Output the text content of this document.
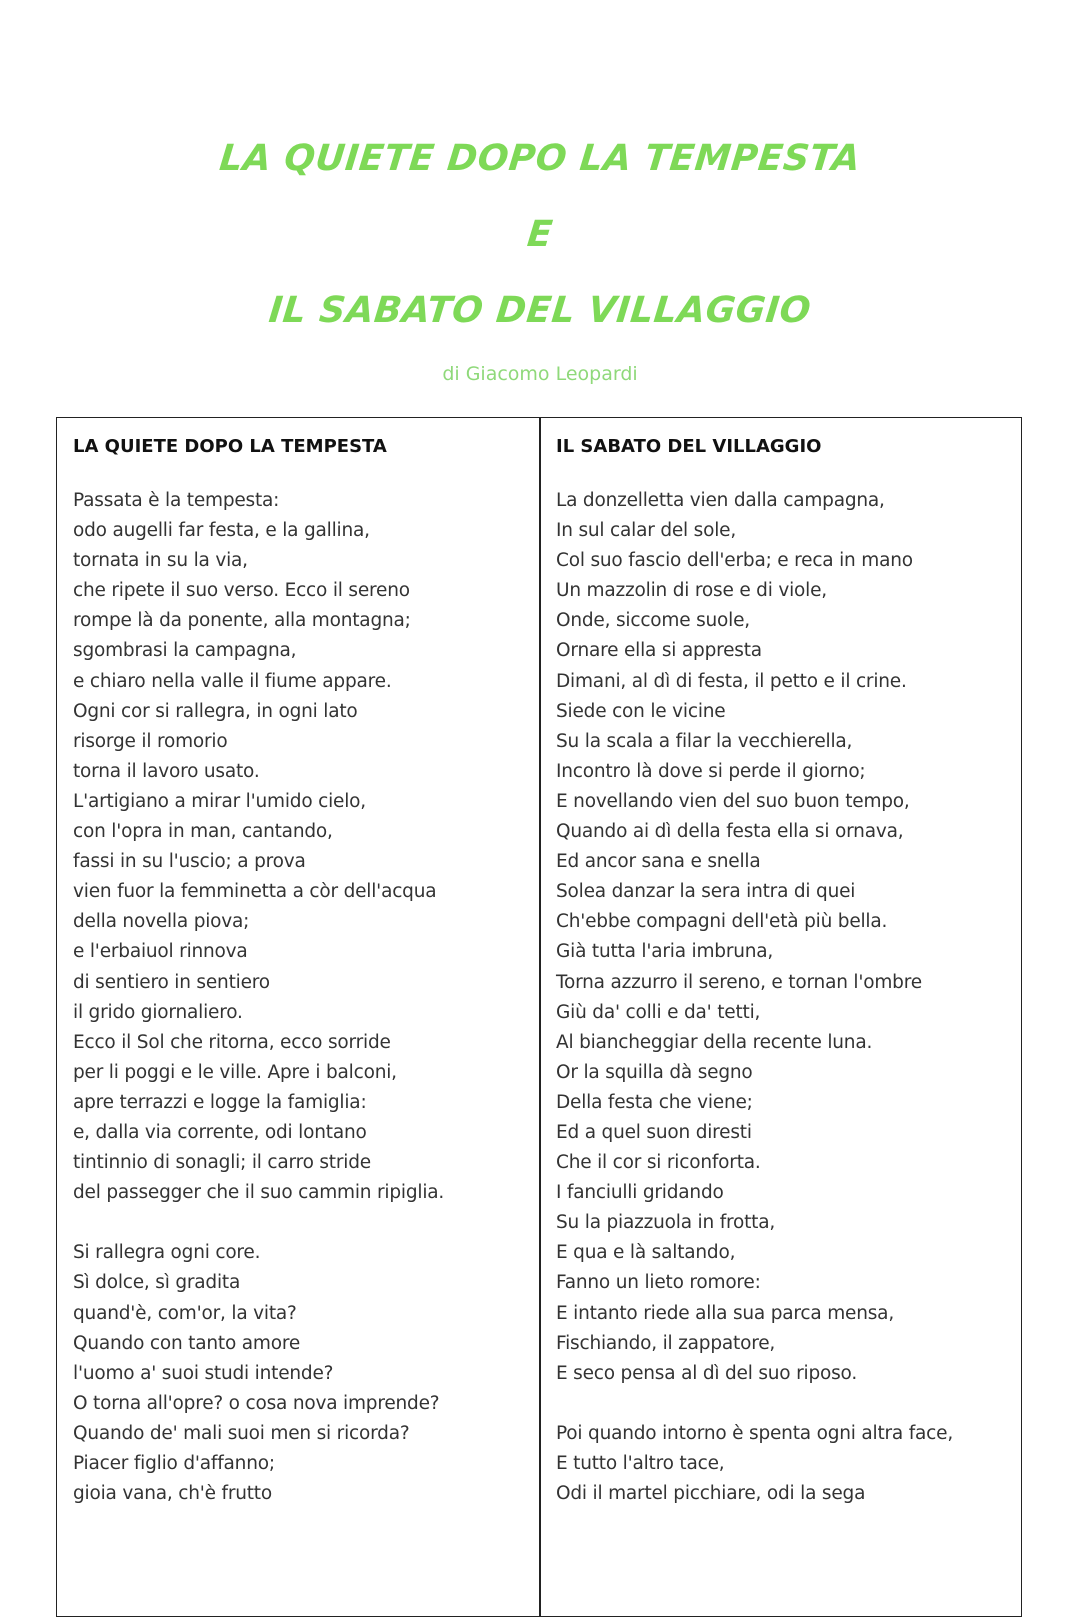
LA QUIETE DOPO LA TEMPESTA
E
IL SABATO DEL VILLAGGIO
di Giacomo Leopardi
LA QUIETE DOPO LA TEMPESTA
Passata è la tempesta:
odo augelli far festa, e la gallina,
tornata in su la via,
che ripete il suo verso. Ecco il sereno
rompe là da ponente, alla montagna;
sgombrasi la campagna,
e chiaro nella valle il fiume appare.
Ogni cor si rallegra, in ogni lato
risorge il romorio
torna il lavoro usato.
L'artigiano a mirar l'umido cielo,
con l'opra in man, cantando,
fassi in su l'uscio; a prova
vien fuor la femminetta a còr dell'acqua
della novella piova;
e l'erbaiuol rinnova
di sentiero in sentiero
il grido giornaliero.
Ecco il Sol che ritorna, ecco sorride
per li poggi e le ville. Apre i balconi,
apre terrazzi e logge la famiglia:
e, dalla via corrente, odi lontano
tintinnio di sonagli; il carro stride
del passegger che il suo cammin ripiglia.
Si rallegra ogni core.
Sì dolce, sì gradita
quand'è, com'or, la vita?
Quando con tanto amore
l'uomo a' suoi studi intende?
O torna all'opre? o cosa nova imprende?
Quando de' mali suoi men si ricorda?
Piacer figlio d'affanno;
gioia vana, ch'è frutto
IL SABATO DEL VILLAGGIO
La donzelletta vien dalla campagna,
In sul calar del sole,
Col suo fascio dell'erba; e reca in mano
Un mazzolin di rose e di viole,
Onde, siccome suole,
Ornare ella si appresta
Dimani, al dì di festa, il petto e il crine.
Siede con le vicine
Su la scala a filar la vecchierella,
Incontro là dove si perde il giorno;
E novellando vien del suo buon tempo,
Quando ai dì della festa ella si ornava,
Ed ancor sana e snella
Solea danzar la sera intra di quei
Ch'ebbe compagni dell'età più bella.
Già tutta l'aria imbruna,
Torna azzurro il sereno, e tornan l'ombre
Giù da' colli e da' tetti,
Al biancheggiar della recente luna.
Or la squilla dà segno
Della festa che viene;
Ed a quel suon diresti
Che il cor si riconforta.
I fanciulli gridando
Su la piazzuola in frotta,
E qua e là saltando,
Fanno un lieto romore:
E intanto riede alla sua parca mensa,
Fischiando, il zappatore,
E seco pensa al dì del suo riposo.
Poi quando intorno è spenta ogni altra face,
E tutto l'altro tace,
Odi il martel picchiare, odi la sega
